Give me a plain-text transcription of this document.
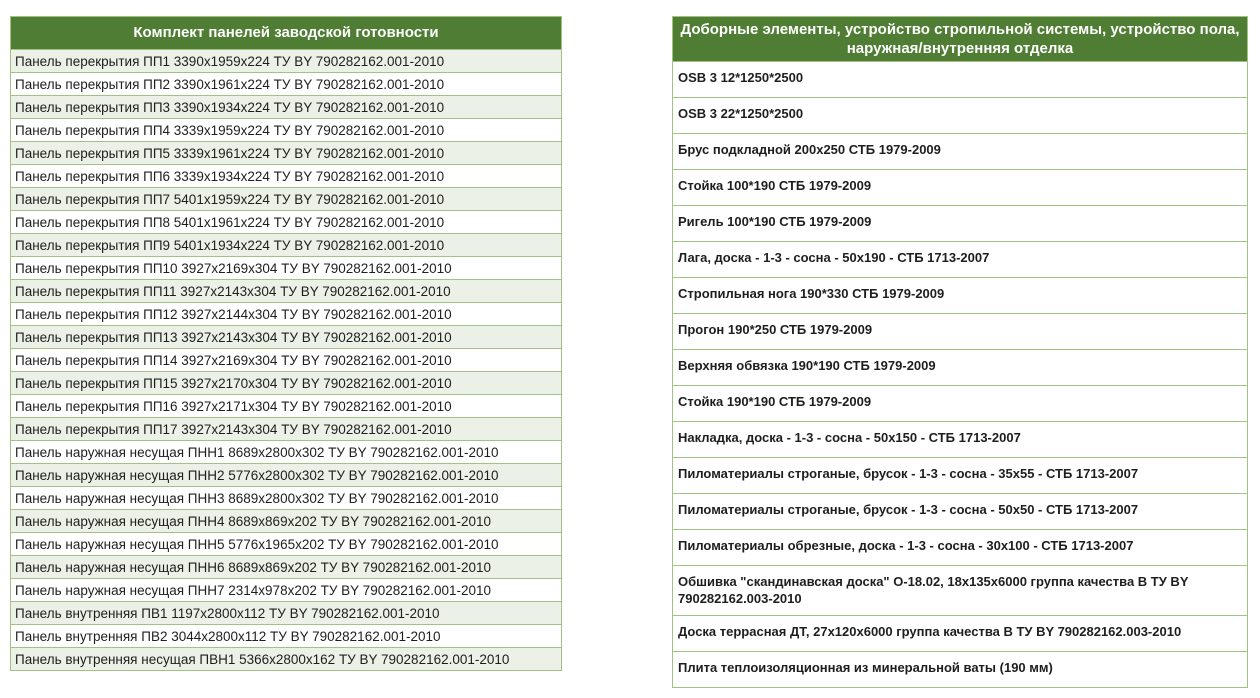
Комплект панелей заводской готовности
Панель перекрытия ПП1 3390х1959х224 ТУ BY 790282162.001-2010
Панель перекрытия ПП2 3390х1961х224 ТУ BY 790282162.001-2010
Панель перекрытия ПП3 3390х1934х224 ТУ BY 790282162.001-2010
Панель перекрытия ПП4 3339х1959х224 ТУ BY 790282162.001-2010
Панель перекрытия ПП5 3339х1961х224 ТУ BY 790282162.001-2010
Панель перекрытия ПП6 3339х1934х224 ТУ BY 790282162.001-2010
Панель перекрытия ПП7 5401х1959х224 ТУ BY 790282162.001-2010
Панель перекрытия ПП8 5401х1961х224 ТУ BY 790282162.001-2010
Панель перекрытия ПП9 5401х1934х224 ТУ BY 790282162.001-2010
Панель перекрытия ПП10 3927х2169х304 ТУ BY 790282162.001-2010
Панель перекрытия ПП11 3927х2143х304 ТУ BY 790282162.001-2010
Панель перекрытия ПП12 3927х2144х304 ТУ BY 790282162.001-2010
Панель перекрытия ПП13 3927х2143х304 ТУ BY 790282162.001-2010
Панель перекрытия ПП14 3927х2169х304 ТУ BY 790282162.001-2010
Панель перекрытия ПП15 3927х2170х304 ТУ BY 790282162.001-2010
Панель перекрытия ПП16 3927х2171х304 ТУ BY 790282162.001-2010
Панель перекрытия ПП17 3927х2143х304 ТУ BY 790282162.001-2010
Панель наружная несущая ПНН1 8689х2800х302 ТУ BY 790282162.001-2010
Панель наружная несущая ПНН2 5776х2800х302 ТУ BY 790282162.001-2010
Панель наружная несущая ПНН3 8689х2800х302 ТУ BY 790282162.001-2010
Панель наружная несущая ПНН4 8689х869х202 ТУ BY 790282162.001-2010
Панель наружная несущая ПНН5 5776х1965х202 ТУ BY 790282162.001-2010
Панель наружная несущая ПНН6 8689х869х202 ТУ BY 790282162.001-2010
Панель наружная несущая ПНН7 2314х978х202 ТУ BY 790282162.001-2010
Панель внутренняя ПВ1 1197х2800х112 ТУ BY 790282162.001-2010
Панель внутренняя ПВ2 3044х2800х112 ТУ BY 790282162.001-2010
Панель внутренняя несущая ПВН1 5366х2800х162 ТУ BY 790282162.001-2010
Доборные элементы, устройство стропильной системы, устройство пола, наружная/внутренняя отделка
OSB 3 12*1250*2500
OSB 3 22*1250*2500
Брус подкладной 200х250 СТБ 1979-2009
Стойка 100*190 СТБ 1979-2009
Ригель 100*190 СТБ 1979-2009
Лага, доска - 1-3 - сосна - 50х190 - СТБ 1713-2007
Стропильная нога 190*330 СТБ 1979-2009
Прогон 190*250 СТБ 1979-2009
Верхняя обвязка 190*190 СТБ 1979-2009
Стойка 190*190 СТБ 1979-2009
Накладка, доска - 1-3 - сосна - 50х150 - СТБ 1713-2007
Пиломатериалы строганые, брусок - 1-3 - сосна - 35х55 - СТБ 1713-2007
Пиломатериалы строганые, брусок - 1-3 - сосна - 50х50 - СТБ 1713-2007
Пиломатериалы обрезные, доска - 1-3 - сосна - 30х100 - СТБ 1713-2007
Обшивка "скандинавская доска" О-18.02, 18х135х6000 группа качества В ТУ BY 790282162.003-2010
Доска террасная ДТ, 27х120х6000 группа качества В ТУ BY 790282162.003-2010
Плита теплоизоляционная из минеральной ваты (190 мм)
